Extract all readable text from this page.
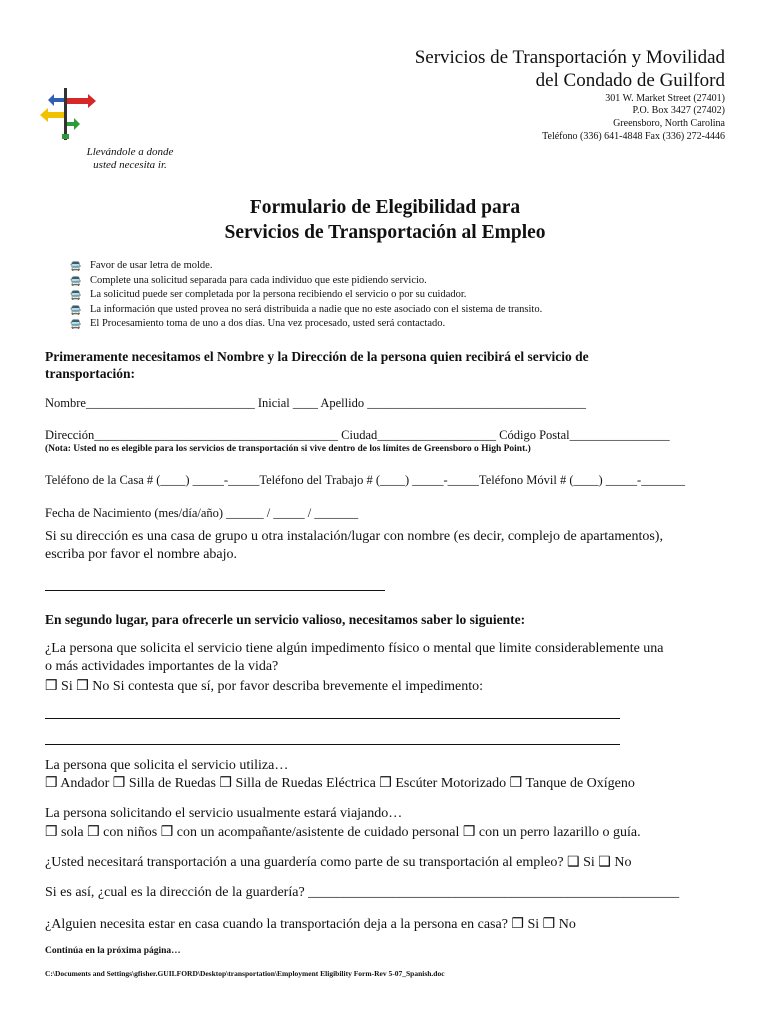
Servicios de Transportación y Movilidad
del Condado de Guilford
301 W. Market Street (27401)
P.O. Box 3427 (27402)
Greensboro, North Carolina
Teléfono (336) 641-4848 Fax (336) 272-4446
Llevándole a donde
usted necesita ir.
Formulario de Elegibilidad para
Servicios de Transportación al Empleo
🚍 Favor de usar letra de molde.
🚍 Complete una solicitud separada para cada individuo que este pidiendo servicio.
🚍 La solicitud puede ser completada por la persona recibiendo el servicio o por su cuidador.
🚍 La información que usted provea no será distribuida a nadie que no este asociado con el sistema de transito.
🚍 El Procesamiento toma de uno a dos días. Una vez procesado, usted será contactado.
Primeramente necesitamos el Nombre y la Dirección de la persona quien recibirá el servicio de
transportación:
Nombre___________________________ Inicial ____ Apellido ___________________________________
Dirección_______________________________________ Ciudad___________________ Código Postal________________
(Nota: Usted no es elegible para los servicios de transportación si vive dentro de los límites de Greensboro o High Point.)
Teléfono de la Casa # (____) _____-_____Teléfono del Trabajo # (____) _____-_____Teléfono Móvil # (____) _____-_______
Fecha de Nacimiento (mes/día/año) ______ / _____ / _______
Si su dirección es una casa de grupo u otra instalación/lugar con nombre (es decir, complejo de apartamentos),
escriba por favor el nombre abajo.
En segundo lugar, para ofrecerle un servicio valioso, necesitamos saber lo siguiente:
¿La persona que solicita el servicio tiene algún impedimento físico o mental que limite considerablemente una
o más actividades importantes de la vida?
❒ Si ❒ No Si contesta que sí, por favor describa brevemente el impedimento:
La persona que solicita el servicio utiliza…
❒ Andador ❒ Silla de Ruedas ❒ Silla de Ruedas Eléctrica ❒ Escúter Motorizado ❒ Tanque de Oxígeno
La persona solicitando el servicio usualmente estará viajando…
❒ sola ❒ con niños ❒ con un acompañante/asistente de cuidado personal ❒ con un perro lazarillo o guía.
¿Usted necesitará transportación a una guardería como parte de su transportación al empleo? ❑ Si ❑ No
Si es así, ¿cual es la dirección de la guardería? _____________________________________________________
¿Alguien necesita estar en casa cuando la transportación deja a la persona en casa? ❒ Si ❒ No
Continúa en la próxima página…
C:\Documents and Settings\gfisher.GUILFORD\Desktop\transportation\Employment Eligibility Form-Rev 5-07_Spanish.doc
